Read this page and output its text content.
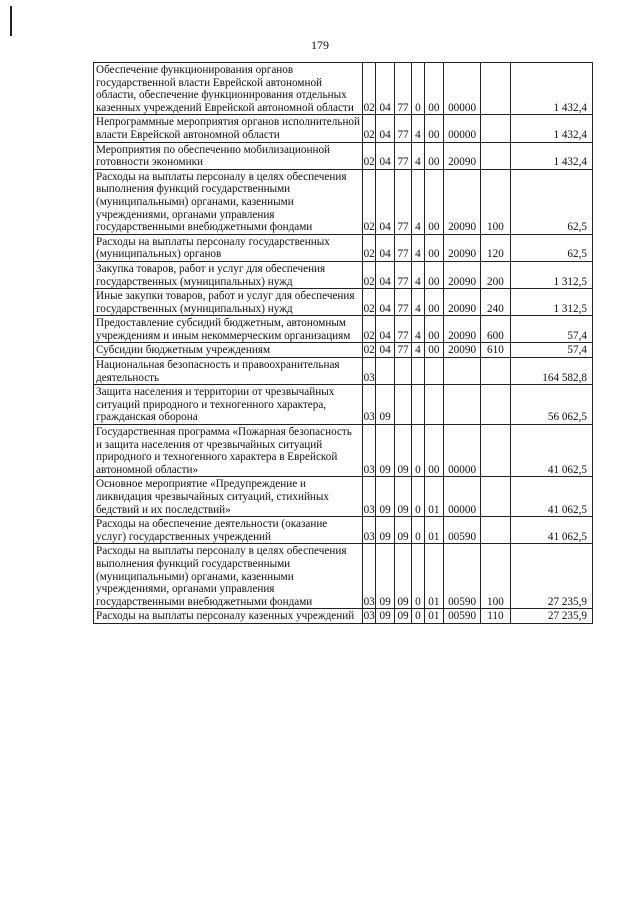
179
Обеспечение функционирования органов государственной власти Еврейской автономной области, обеспечение функционирования отдельных казенных учреждений Еврейской автономной области	02	04	77	0	00	00000		1 432,4
Непрограммные мероприятия органов исполнительной власти Еврейской автономной области	02	04	77	4	00	00000		1 432,4
Мероприятия по обеспечению мобилизационной готовности экономики	02	04	77	4	00	20090		1 432,4
Расходы на выплаты персоналу в целях обеспечения выполнения функций государственными (муниципальными) органами, казенными учреждениями, органами управления государственными внебюджетными фондами	02	04	77	4	00	20090	100	62,5
Расходы на выплаты персоналу государственных (муниципальных) органов	02	04	77	4	00	20090	120	62,5
Закупка товаров, работ и услуг для обеспечения государственных (муниципальных) нужд	02	04	77	4	00	20090	200	1 312,5
Иные закупки товаров, работ и услуг для обеспечения государственных (муниципальных) нужд	02	04	77	4	00	20090	240	1 312,5
Предоставление субсидий бюджетным, автономным учреждениям и иным некоммерческим организациям	02	04	77	4	00	20090	600	57,4
Субсидии бюджетным учреждениям	02	04	77	4	00	20090	610	57,4
Национальная безопасность и правоохранительная деятельность	03							164 582,8
Защита населения и территории от чрезвычайных ситуаций природного и техногенного характера, гражданская оборона	03	09						56 062,5
Государственная программа «Пожарная безопасность и защита населения от чрезвычайных ситуаций природного и техногенного характера в Еврейской автономной области»	03	09	09	0	00	00000		41 062,5
Основное мероприятие «Предупреждение и ликвидация чрезвычайных ситуаций, стихийных бедствий и их последствий»	03	09	09	0	01	00000		41 062,5
Расходы на обеспечение деятельности (оказание услуг) государственных учреждений	03	09	09	0	01	00590		41 062,5
Расходы на выплаты персоналу в целях обеспечения выполнения функций государственными (муниципальными) органами, казенными учреждениями, органами управления государственными внебюджетными фондами	03	09	09	0	01	00590	100	27 235,9
Расходы на выплаты персоналу казенных учреждений	03	09	09	0	01	00590	110	27 235,9
